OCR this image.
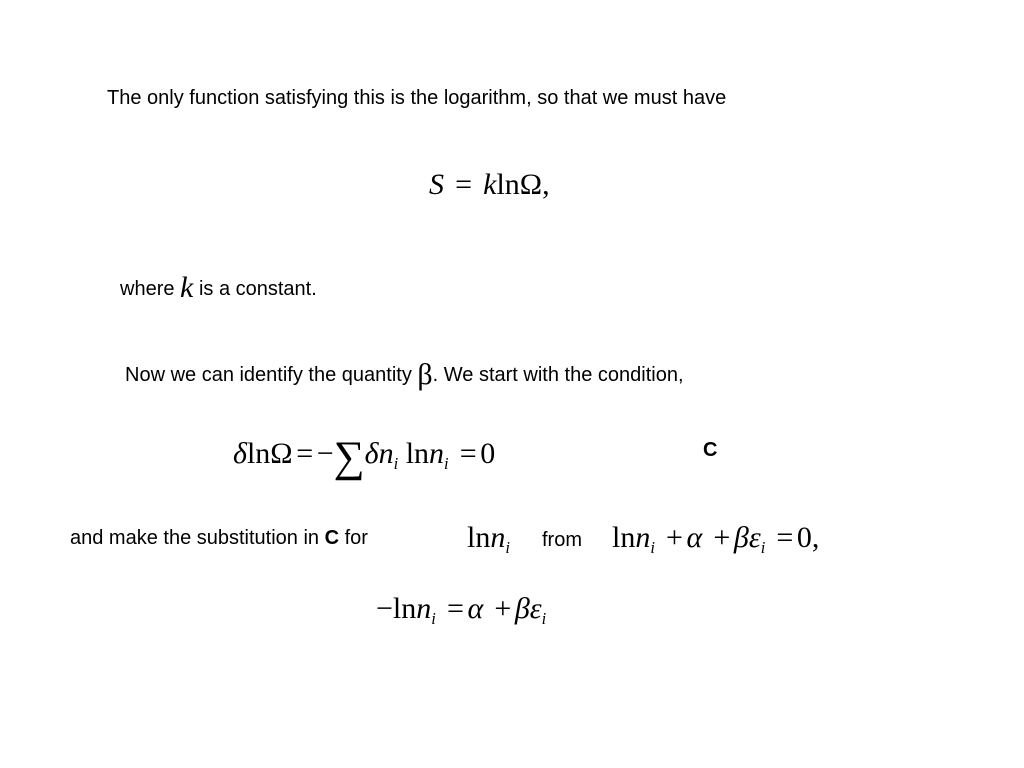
The only function satisfying this is the logarithm, so that we must have
S = klnΩ,
where k is a constant.
Now we can identify the quantity β. We start with the condition,
$\delta\ln\Omega = -\sum\delta n_i$ lnn$_i$ = 0	C
and make the substitution in C for	lnn$_i$ from $\ln n_i + \alpha + \beta\varepsilon_i = 0$,
$-\ln n_i = \alpha + \beta\varepsilon_i$
